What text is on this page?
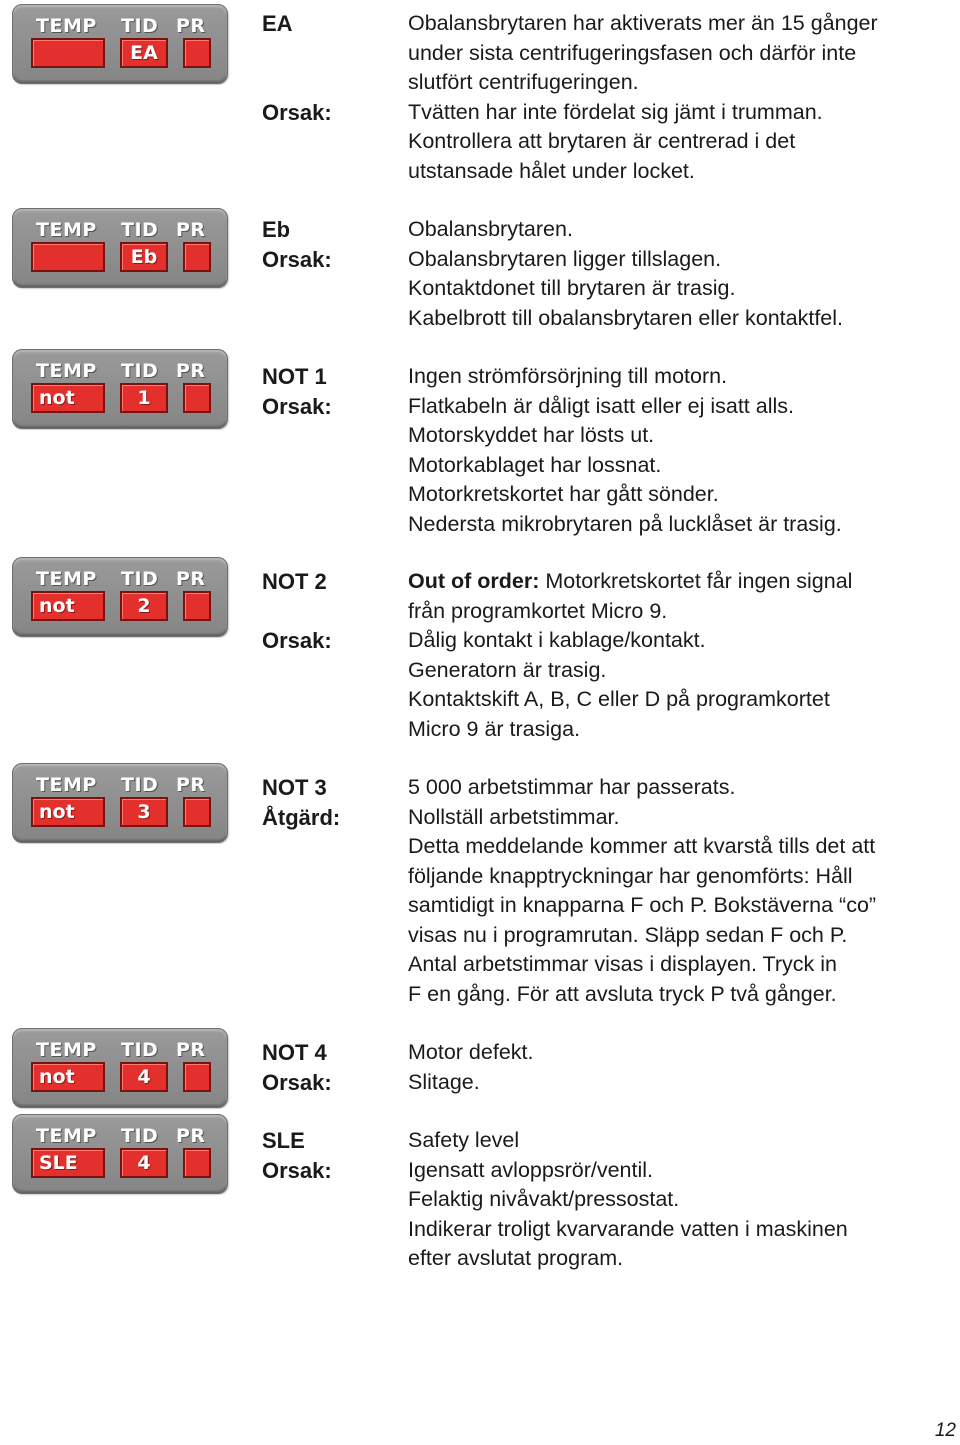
TEMP TID PR
EA
EA
Orsak:
Obalansbrytaren har aktiverats mer än 15 gånger
under sista centrifugeringsfasen och därför inte
slutfört centrifugeringen.
Tvätten har inte fördelat sig jämt i trumman.
Kontrollera att brytaren är centrerad i det
utstansade hålet under locket.
TEMP TID PR
Eb
Eb
Orsak:
Obalansbrytaren.
Obalansbrytaren ligger tillslagen.
Kontaktdonet till brytaren är trasig.
Kabelbrott till obalansbrytaren eller kontaktfel.
TEMP TID PR
not	1
NOT 1
Orsak:
Ingen strömförsörjning till motorn.
Flatkabeln är dåligt isatt eller ej isatt alls.
Motorskyddet har lösts ut.
Motorkablaget har lossnat.
Motorkretskortet har gått sönder.
Nedersta mikrobrytaren på lucklåset är trasig.
TEMP TID PR
not	2
NOT 2
Orsak:
Out of order: Motorkretskortet får ingen signal
från programkortet Micro 9.
Dålig kontakt i kablage/kontakt.
Generatorn är trasig.
Kontaktskift A, B, C eller D på programkortet
Micro 9 är trasiga.
TEMP TID PR
not	3
NOT 3
Åtgärd:
5 000 arbetstimmar har passerats.
Nollställ arbetstimmar.
Detta meddelande kommer att kvarstå tills det att
följande knapptryckningar har genomförts: Håll
samtidigt in knapparna F och P. Bokstäverna “co”
visas nu i programrutan. Släpp sedan F och P.
Antal arbetstimmar visas i displayen. Tryck in
F en gång. För att avsluta tryck P två gånger.
TEMP TID PR
not	4
NOT 4
Orsak:
Motor defekt.
Slitage.
TEMP TID PR
SLE	4
SLE
Orsak:
Safety level
Igensatt avloppsrör/ventil.
Felaktig nivåvakt/pressostat.
Indikerar troligt kvarvarande vatten i maskinen
efter avslutat program.
12
